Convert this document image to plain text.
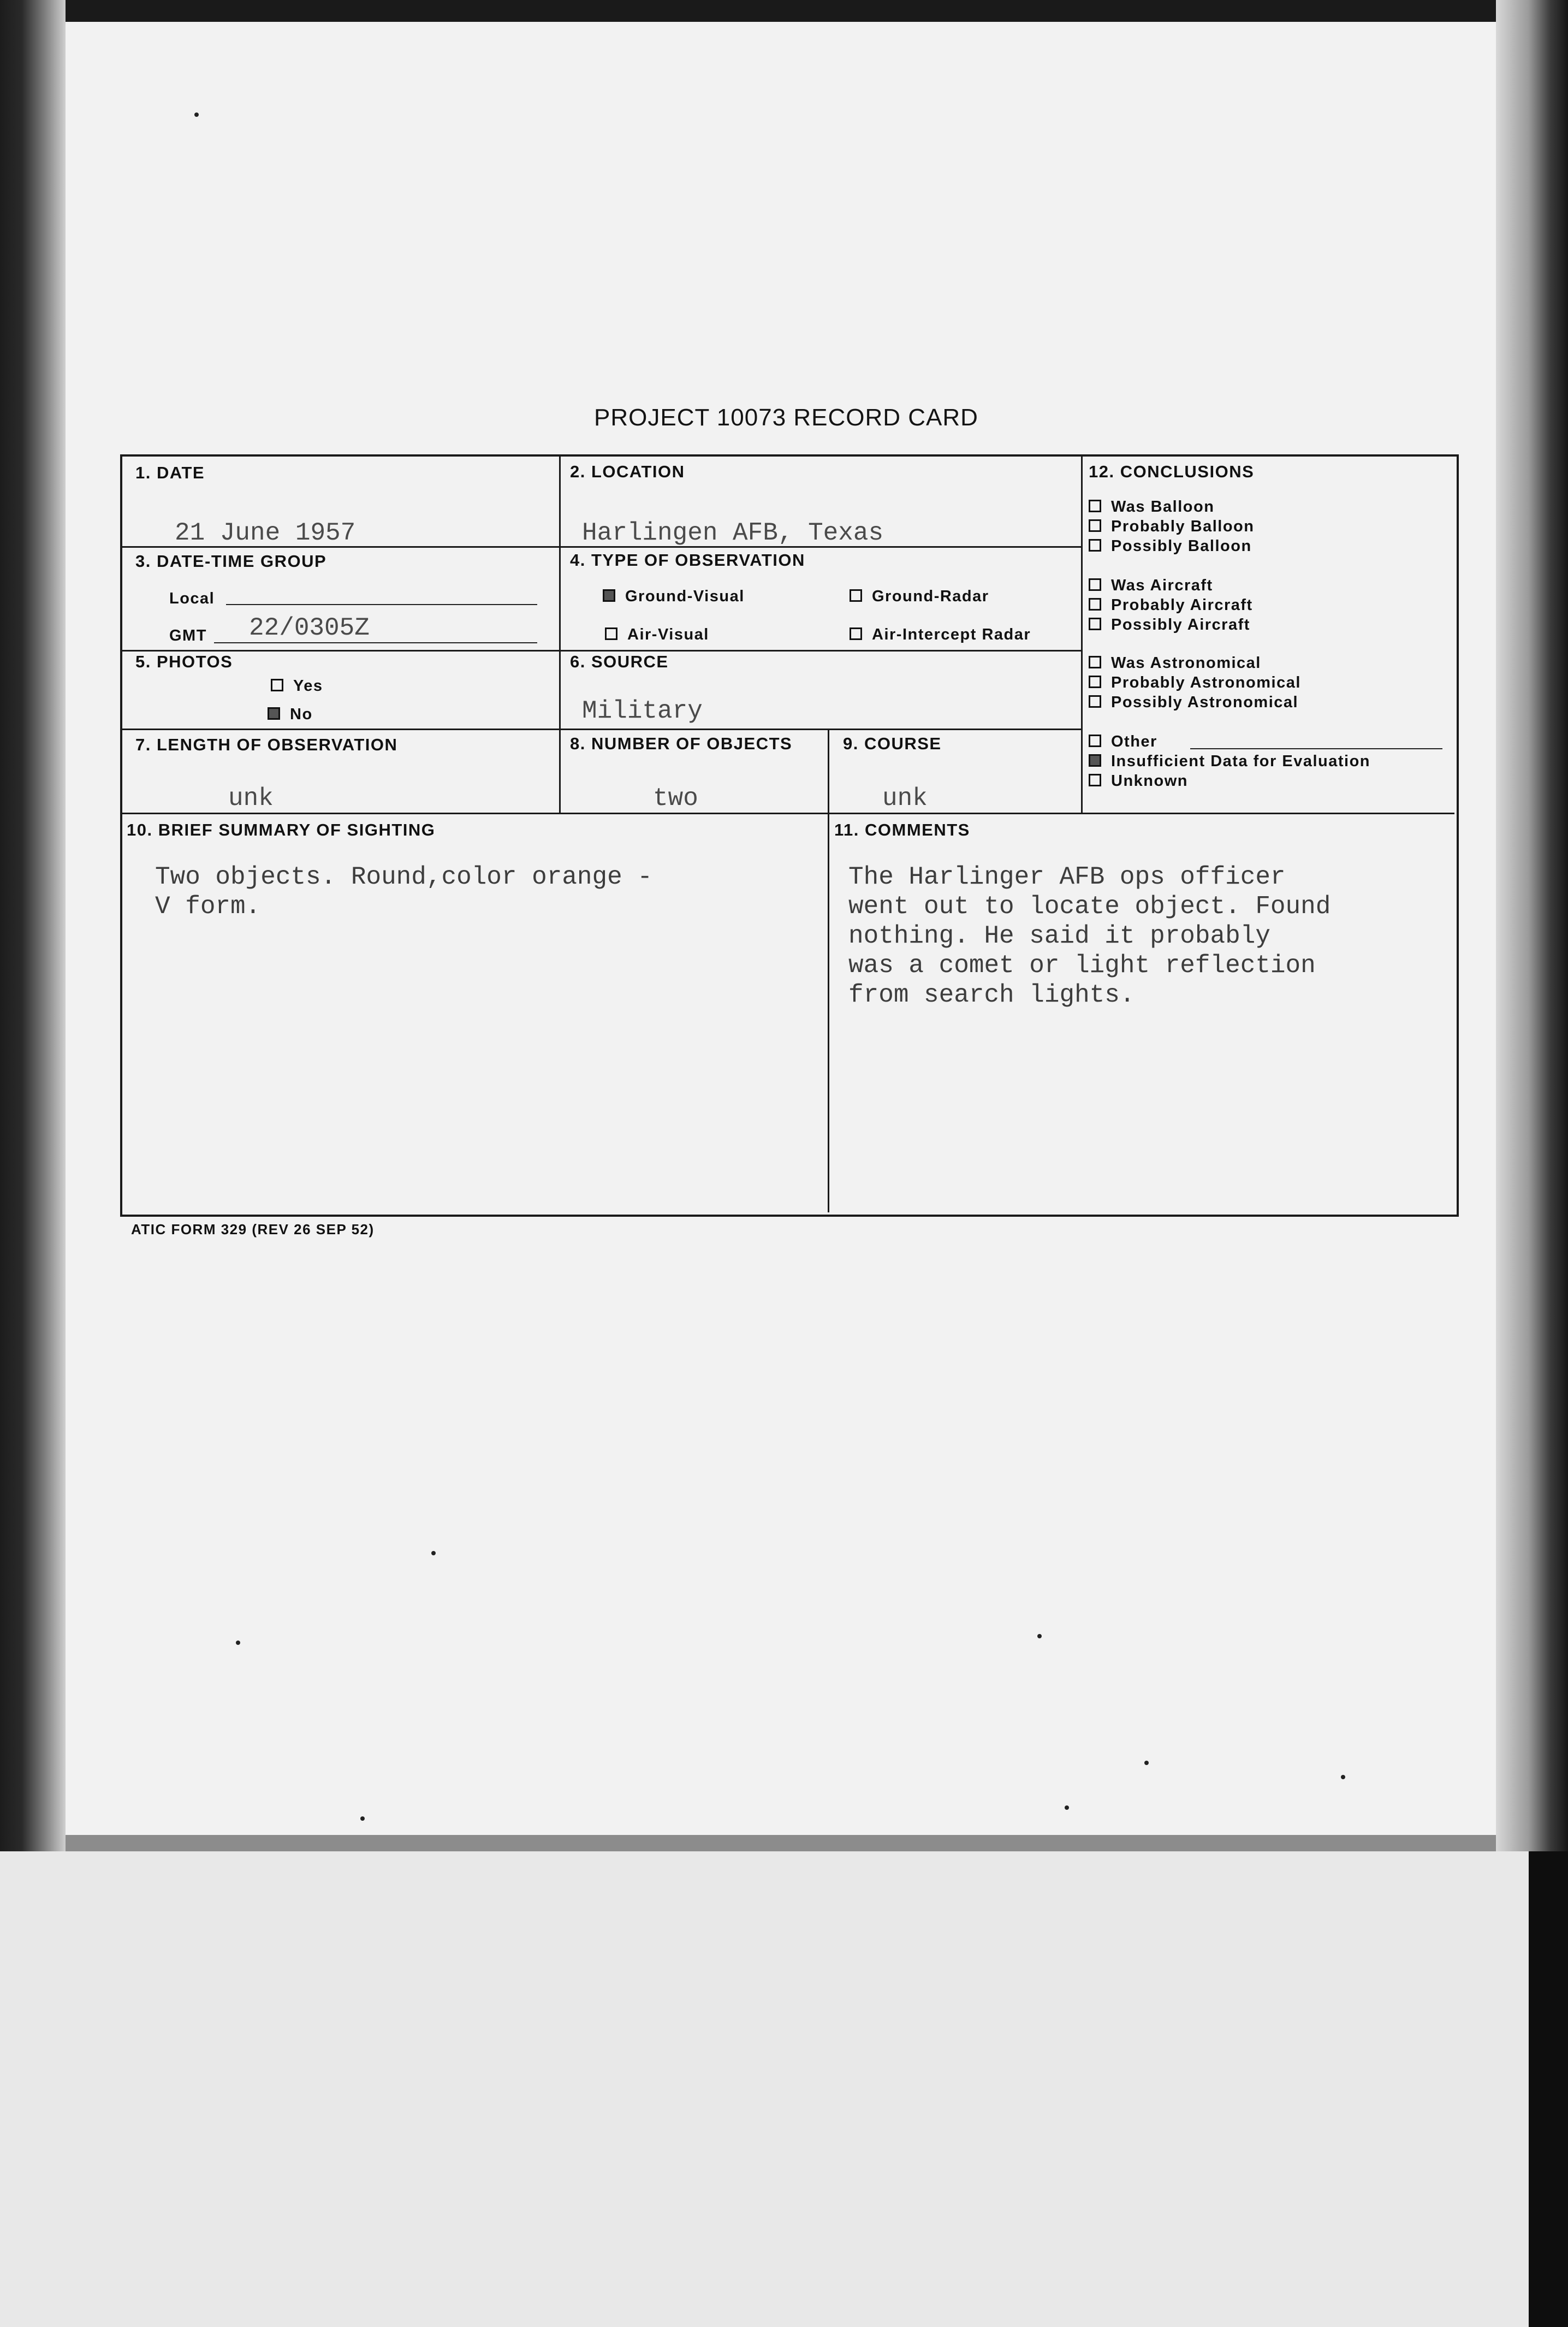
PROJECT 10073 RECORD CARD
1. DATE
21 June 1957
2. LOCATION
Harlingen AFB, Texas
3. DATE-TIME GROUP
Local
GMT 22/0305Z
4. TYPE OF OBSERVATION
Ground-Visual	Ground-Radar
Air-Visual	Air-Intercept Radar
5. PHOTOS
Yes
No
6. SOURCE
Military
7. LENGTH OF OBSERVATION
unk
8. NUMBER OF OBJECTS
two
9. COURSE
unk
10. BRIEF SUMMARY OF SIGHTING
Two objects. Round,color orange -
V form.
11. COMMENTS
The Harlinger AFB ops officer
went out to locate object. Found
nothing. He said it probably
was a comet or light reflection
from search lights.
12. CONCLUSIONS
Was Balloon
Probably Balloon
Possibly Balloon
Was Aircraft
Probably Aircraft
Possibly Aircraft
Was Astronomical
Probably Astronomical
Possibly Astronomical
Other
Insufficient Data for Evaluation
Unknown
ATIC FORM 329 (REV 26 SEP 52)
